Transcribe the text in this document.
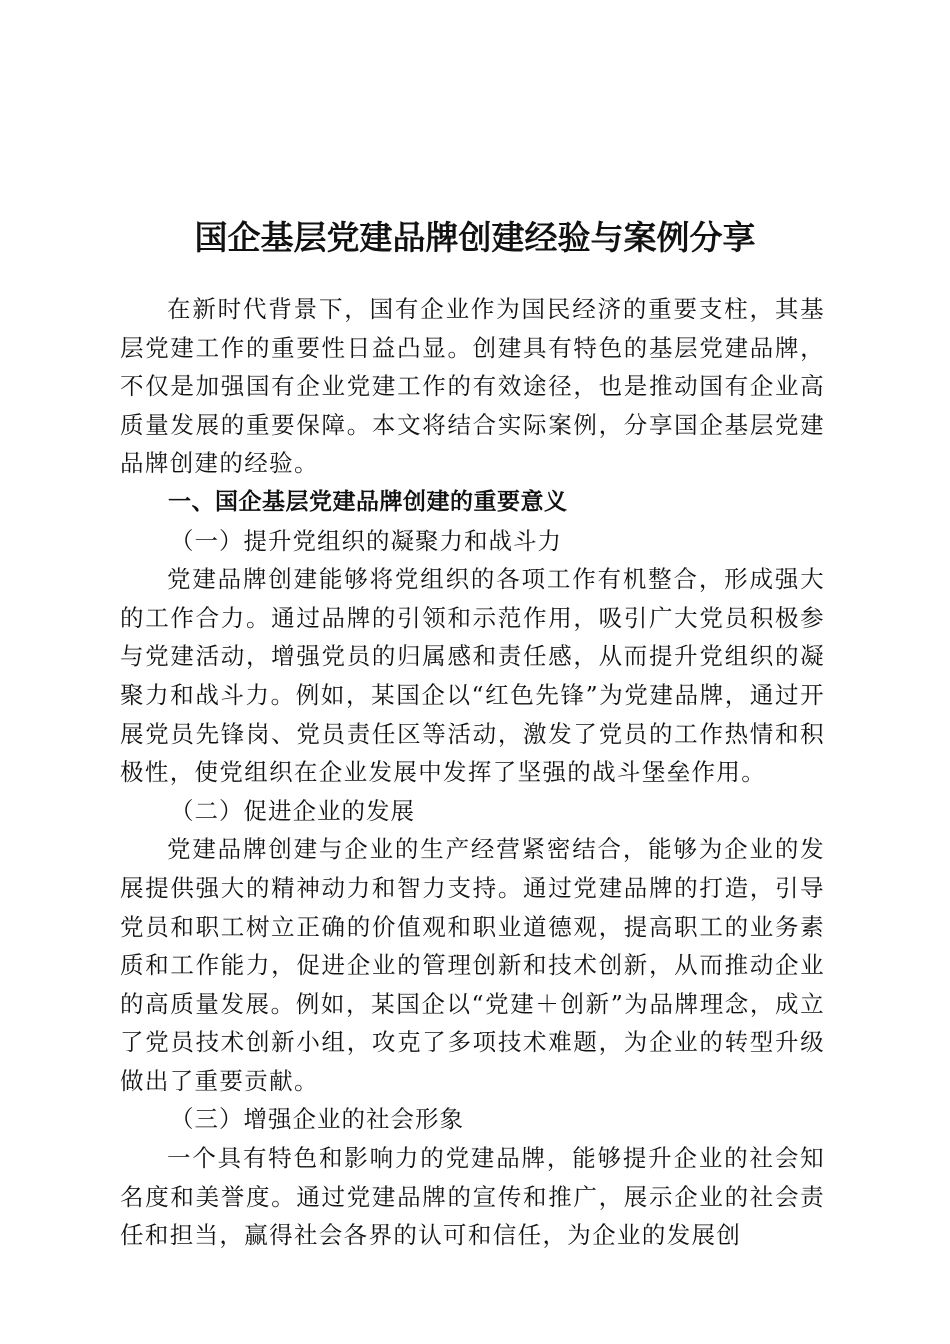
国企基层党建品牌创建经验与案例分享

在新时代背景下，国有企业作为国民经济的重要支柱，其基层党建工作的重要性日益凸显。创建具有特色的基层党建品牌，不仅是加强国有企业党建工作的有效途径，也是推动国有企业高质量发展的重要保障。本文将结合实际案例，分享国企基层党建品牌创建的经验。

一、国企基层党建品牌创建的重要意义

（一）提升党组织的凝聚力和战斗力

党建品牌创建能够将党组织的各项工作有机整合，形成强大的工作合力。通过品牌的引领和示范作用，吸引广大党员积极参与党建活动，增强党员的归属感和责任感，从而提升党组织的凝聚力和战斗力。例如，某国企以“红色先锋”为党建品牌，通过开展党员先锋岗、党员责任区等活动，激发了党员的工作热情和积极性，使党组织在企业发展中发挥了坚强的战斗堡垒作用。

（二）促进企业的发展

党建品牌创建与企业的生产经营紧密结合，能够为企业的发展提供强大的精神动力和智力支持。通过党建品牌的打造，引导党员和职工树立正确的价值观和职业道德观，提高职工的业务素质和工作能力，促进企业的管理创新和技术创新，从而推动企业的高质量发展。例如，某国企以“党建＋创新”为品牌理念，成立了党员技术创新小组，攻克了多项技术难题，为企业的转型升级做出了重要贡献。

（三）增强企业的社会形象

一个具有特色和影响力的党建品牌，能够提升企业的社会知名度和美誉度。通过党建品牌的宣传和推广，展示企业的社会责任和担当，赢得社会各界的认可和信任，为企业的发展创
